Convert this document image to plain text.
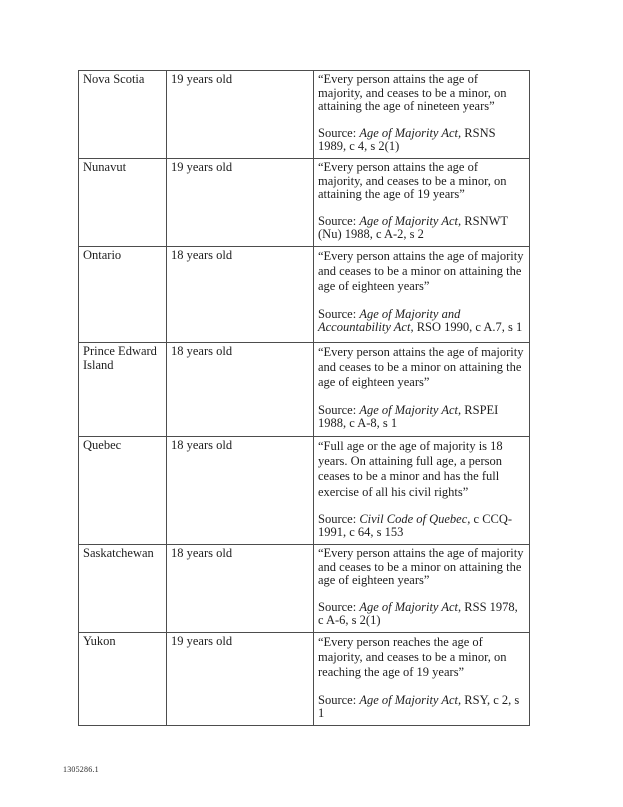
Nova Scotia	19 years old	“Every person attains the age of majority, and ceases to be a minor, on attaining the age of nineteen years”

Source: Age of Majority Act, RSNS 1989, c 4, s 2(1)

Nunavut	19 years old	“Every person attains the age of majority, and ceases to be a minor, on attaining the age of 19 years”

Source: Age of Majority Act, RSNWT (Nu) 1988, c A-2, s 2

Ontario	18 years old	“Every person attains the age of majority and ceases to be a minor on attaining the age of eighteen years”

Source: Age of Majority and Accountability Act, RSO 1990, c A.7, s 1

Prince Edward Island	18 years old	“Every person attains the age of majority and ceases to be a minor on attaining the age of eighteen years”

Source: Age of Majority Act, RSPEI 1988, c A-8, s 1

Quebec	18 years old	“Full age or the age of majority is 18 years. On attaining full age, a person ceases to be a minor and has the full exercise of all his civil rights”

Source: Civil Code of Quebec, c CCQ-1991, c 64, s 153

Saskatchewan	18 years old	“Every person attains the age of majority and ceases to be a minor on attaining the age of eighteen years”

Source: Age of Majority Act, RSS 1978, c A-6, s 2(1)

Yukon	19 years old	“Every person reaches the age of majority, and ceases to be a minor, on reaching the age of 19 years”

Source: Age of Majority Act, RSY, c 2, s 1

1305286.1
